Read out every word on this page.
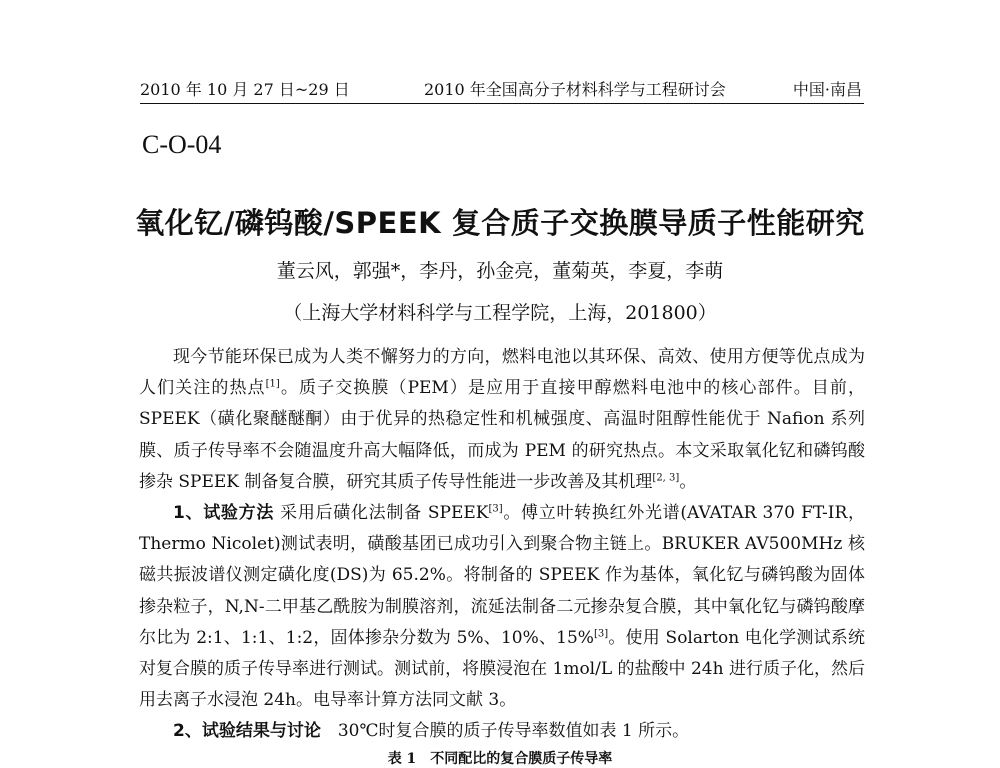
2010 年 10 月 27 日~29 日	2010 年全国高分子材料科学与工程研讨会	中国·南昌
C-O-04
氧化钇/磷钨酸/SPEEK 复合质子交换膜导质子性能研究
董云风，郭强*，李丹，孙金亮，董菊英，李夏，李萌
（上海大学材料科学与工程学院，上海，201800）

现今节能环保已成为人类不懈努力的方向，燃料电池以其环保、高效、使用方便等优点成为人们关注的热点[1]。质子交换膜（PEM）是应用于直接甲醇燃料电池中的核心部件。目前，SPEEK（磺化聚醚醚酮）由于优异的热稳定性和机械强度、高温时阻醇性能优于 Nafion 系列膜、质子传导率不会随温度升高大幅降低，而成为 PEM 的研究热点。本文采取氧化钇和磷钨酸掺杂 SPEEK 制备复合膜，研究其质子传导性能进一步改善及其机理[2, 3]。

1、试验方法 采用后磺化法制备 SPEEK[3]。傅立叶转换红外光谱(AVATAR 370 FT-IR，Thermo Nicolet)测试表明，磺酸基团已成功引入到聚合物主链上。BRUKER AV500MHz 核磁共振波谱仪测定磺化度(DS)为 65.2%。将制备的 SPEEK 作为基体，氧化钇与磷钨酸为固体掺杂粒子，N,N-二甲基乙酰胺为制膜溶剂，流延法制备二元掺杂复合膜，其中氧化钇与磷钨酸摩尔比为 2:1、1:1、1:2，固体掺杂分数为 5%、10%、15%[3]。使用 Solarton 电化学测试系统对复合膜的质子传导率进行测试。测试前，将膜浸泡在 1mol/L 的盐酸中 24h 进行质子化，然后用去离子水浸泡 24h。电导率计算方法同文献 3。

2、试验结果与讨论　30℃时复合膜的质子传导率数值如表 1 所示。

表 1　不同配比的复合膜质子传导率
